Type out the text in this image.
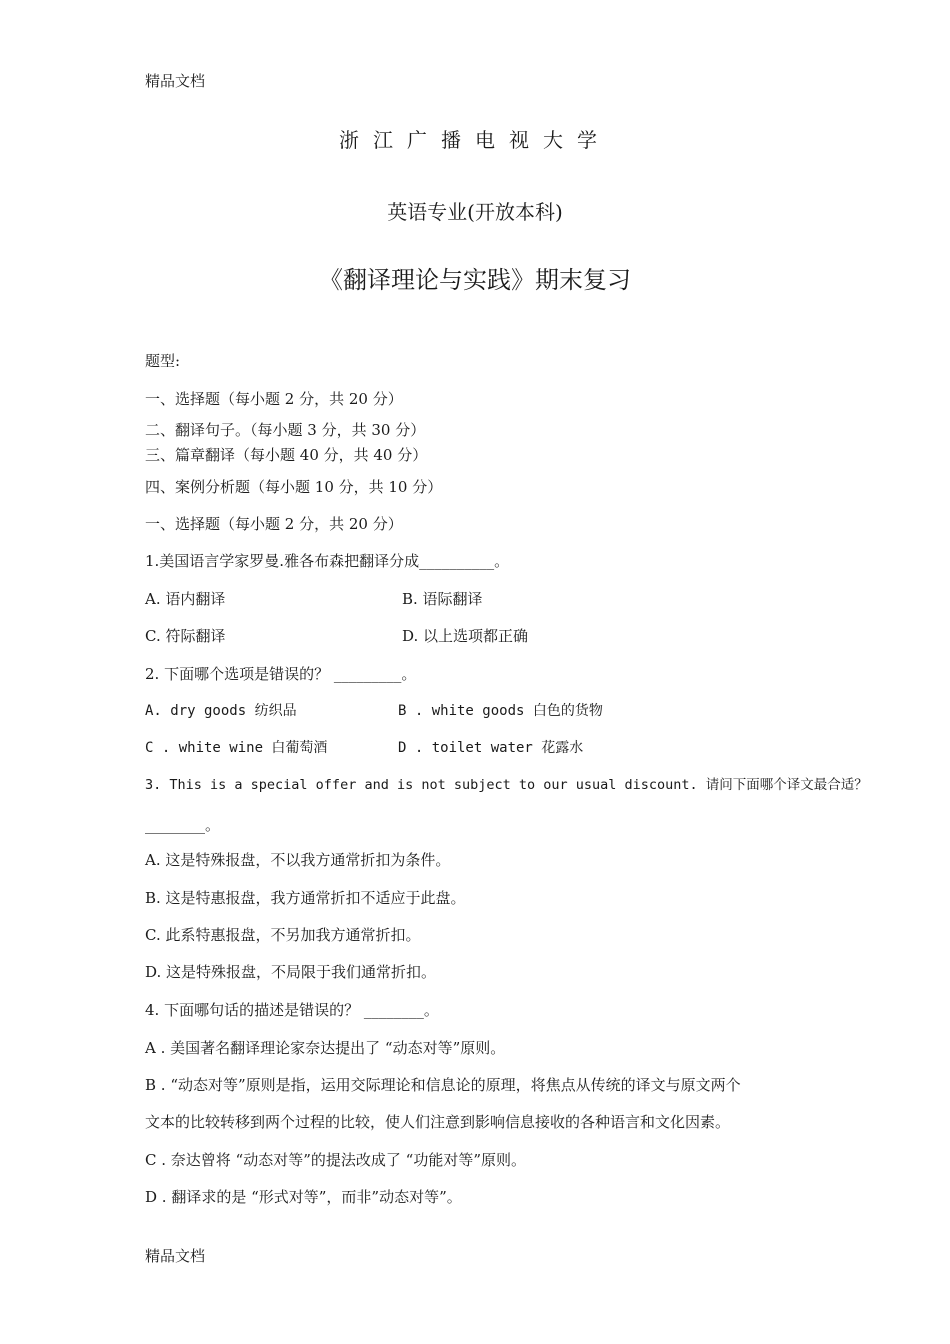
精品文档
浙江广播电视大学
英语专业(开放本科)
《翻译理论与实践》期末复习
题型:
一、选择题（每小题 2 分，共 20 分）
二、翻译句子。（每小题 3 分，共 30 分）
三、篇章翻译（每小题 40 分，共 40 分）
四、案例分析题（每小题 10 分，共 10 分）
一、选择题（每小题 2 分，共 20 分）
1.美国语言学家罗曼.雅各布森把翻译分成__________。
A. 语内翻译	B. 语际翻译
C. 符际翻译	D. 以上选项都正确
2. 下面哪个选项是错误的？ _________。
A. dry goods 纺织品	B . white goods 白色的货物
C . white wine 白葡萄酒	D . toilet water 花露水
3. This is a special offer and is not subject to our usual discount. 请问下面哪个译文最合适？
________。
A. 这是特殊报盘，不以我方通常折扣为条件。
B. 这是特惠报盘，我方通常折扣不适应于此盘。
C. 此系特惠报盘，不另加我方通常折扣。
D. 这是特殊报盘，不局限于我们通常折扣。
4. 下面哪句话的描述是错误的？ ________。
A . 美国著名翻译理论家奈达提出了 “动态对等”原则。
B . “动态对等”原则是指，运用交际理论和信息论的原理，将焦点从传统的译文与原文两个
文本的比较转移到两个过程的比较，使人们注意到影响信息接收的各种语言和文化因素。
C . 奈达曾将 “动态对等”的提法改成了 “功能对等”原则。
D . 翻译求的是 “形式对等”，而非”动态对等”。
精品文档
